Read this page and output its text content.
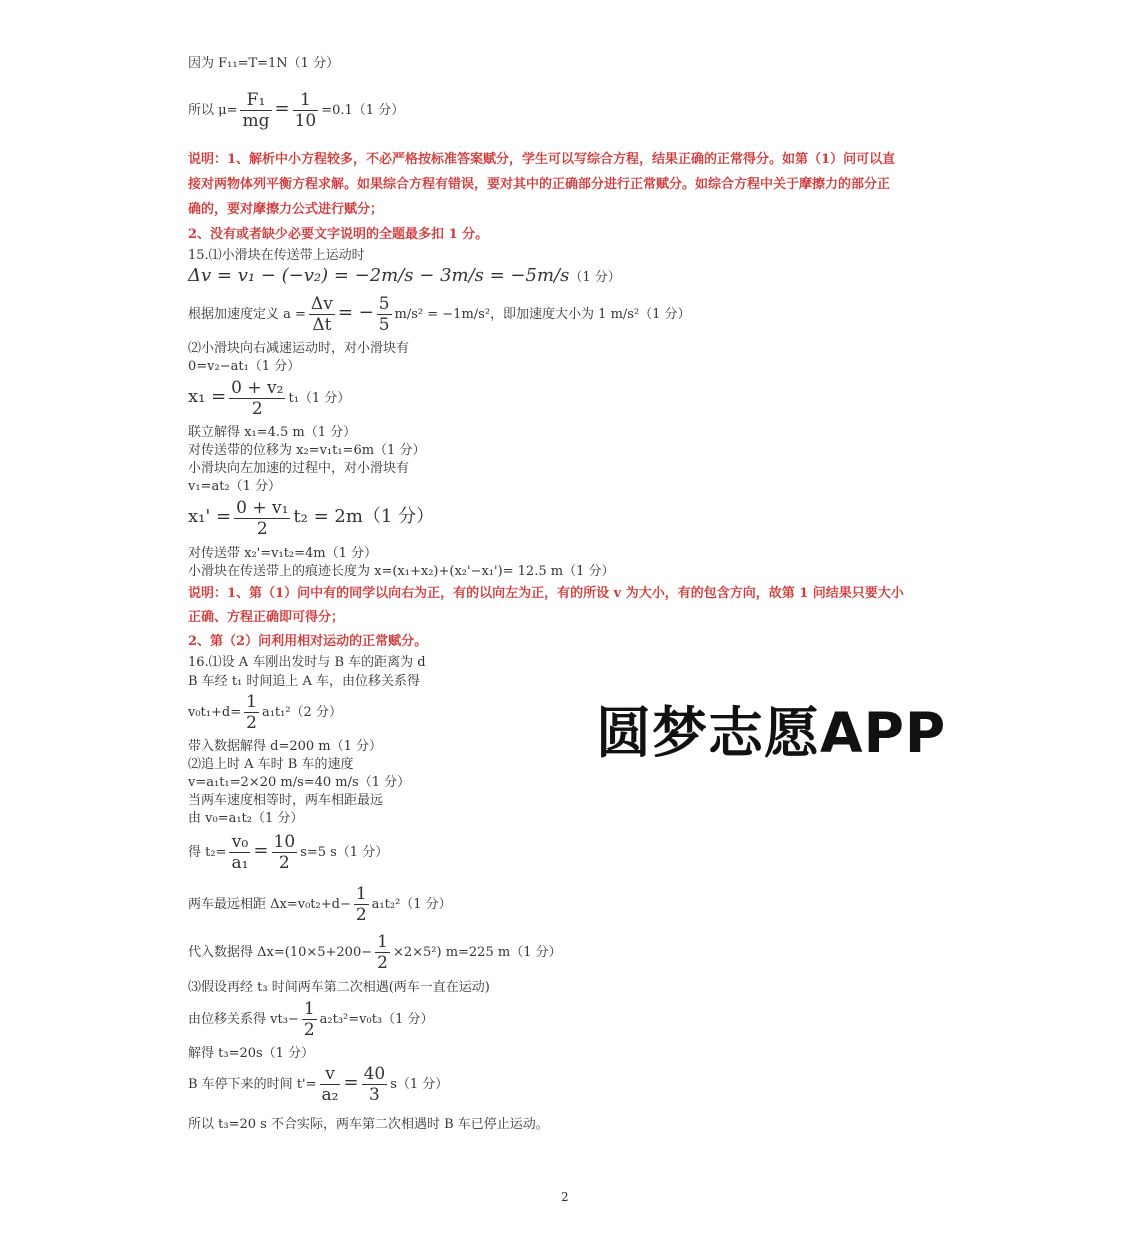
因为 F₁₁=T=1N（1 分）
所以 $\mu= \frac{\text{F₁}}{mg} = \frac{1}{10} =0.1(1$ 分）
说明：1、解析中小方程较多，不必严格按标准答案赋分，学生可以写综合方程，结果正确的正常得分。如第（1）问可以直
接对两物体列平衡方程求解。如果综合方程有错误，要对其中的正确部分进行正常赋分。如综合方程中关于摩擦力的部分正
确的，要对摩擦力公式进行赋分；
2、没有或者缺少必要文字说明的全题最多扣 1 分。
15.⑴小滑块在传送带上运动时
Δv = v₁ − (−v₂) = −2m/s − 3m/s = −5m/s（1 分）
根据加速度定义 $a = \frac{\Delta v}{\Delta t}$ = − $\frac{5}{5} m/s^2 = -1m/s^2$，即加速度大小为 1 m/s²（1 分）
⑵小滑块向右减速运动时，对小滑块有
0=v₂−at₁（1 分）
$x_1 = \frac{\text{0 + v₂}}{2} t_1(1$ 分）
联立解得 x₁=4.5 m（1 分）
对传送带的位移为 x₂=v₁t₁=6m（1 分）
小滑块向左加速的过程中，对小滑块有
v₁=at₂（1 分）
$x_1' = \frac{\text{0 + v₁}}{2} t_2 = 2m(1$ 分）
对传送带 x₂'=v₁t₂=4m（1 分）
小滑块在传送带上的痕迹长度为 x=(x₁+x₂)+(x₂'−x₁')= 12.5 m（1 分）
说明：1、第（1）问中有的同学以向右为正，有的以向左为正，有的所设 v 为大小，有的包含方向，故第 1 问结果只要大小
正确、方程正确即可得分；
2、第（2）问利用相对运动的正常赋分。
16.⑴设 A 车刚出发时与 B 车的距离为 d
B 车经 t₁ 时间追上 A 车，由位移关系得
$v_0t_1+d= \frac{1}{2} a_1t_1^2(2$ 分）
带入数据解得 d=200 m（1 分）
⑵追上时 A 车时 B 车的速度
v=a₁t₁=2×20 m/s=40 m/s（1 分）
当两车速度相等时，两车相距最远
由 v₀=a₁t₂（1 分）
得 $t_2= \frac{\text{v₀}}{\text{a₁}} = \frac{10}{2} s=5$ s（1 分）
两车最远相距 $\Delta x=v_0t_2+d- \frac{1}{2} a_1t_2^2(1$ 分）
代入数据得 $\Delta x=(10\times 5+200- \frac{1}{2} \times 2\times 5^2)$ m=225 m（1 分）
⑶假设再经 t₃ 时间两车第二次相遇(两车一直在运动)
由位移关系得 $vt_3- \frac{1}{2} a_2t_3^2=v_0t_3(1$ 分）
解得 t₃=20s（1 分）
B 车停下来的时间 $t'= \frac{v}{\text{a₂}} = \frac{40}{3} s(1$ 分）
所以 t₃=20 s 不合实际，两车第二次相遇时 B 车已停止运动。
圆梦志愿APP
2
